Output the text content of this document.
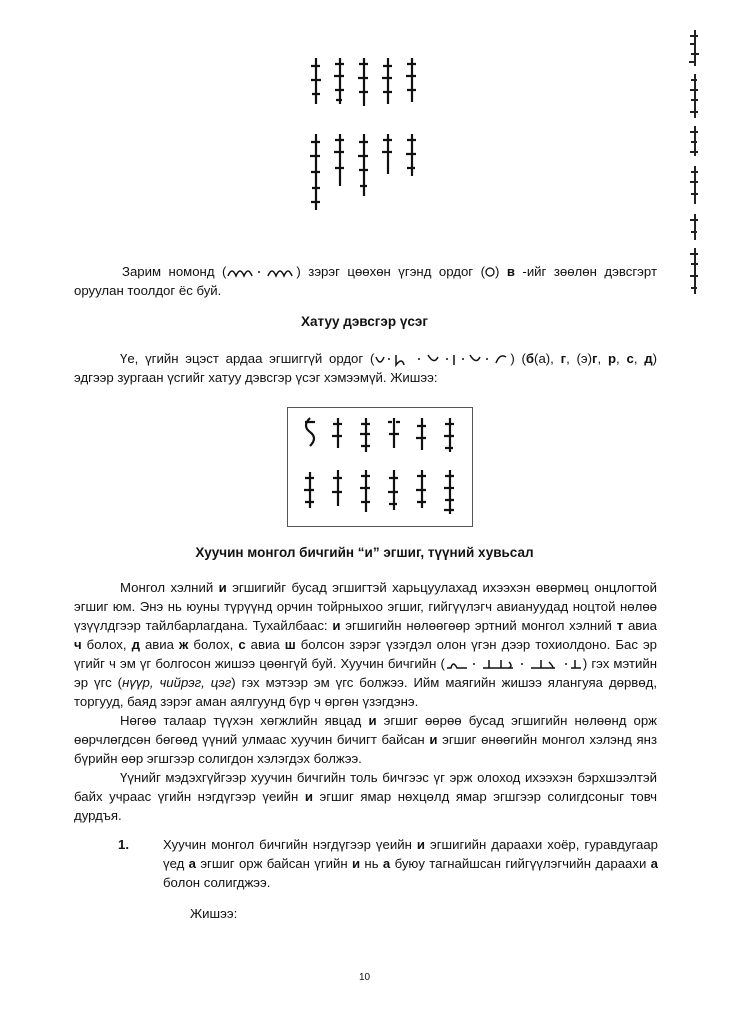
Зарим номонд (	) зэрэг цөөхөн үгэнд ордог ( ) в -ийг зөөлөн дэвсгэрт оруулан тоолдог ёс буй.

Хатуу дэвсгэр үсэг

Үе, үгийн эцэст ардаа эгшиггүй ордог (	) (б(а), г, (э)г, р, с, д) эдгээр зургаан үсгийг хатуу дэвсгэр үсэг хэмээмүй. Жишээ:

Хуучин монгол бичгийн “и” эгшиг, түүний хувьсал

Монгол хэлний и эгшигийг бусад эгшигтэй харьцуулахад ихээхэн өвөрмөц онцлогтой эгшиг юм. Энэ нь юуны түрүүнд орчин тойрныхоо эгшиг, гийгүүлэгч авиануудад ноцтой нөлөө үзүүлдгээр тайлбарлагдана. Тухайлбаас: и эгшигийн нөлөөгөөр эртний монгол хэлний т авиа ч болох, д авиа ж болох, с авиа ш болсон зэрэг үзэгдэл олон үгэн дээр тохиолдоно. Бас эр үгийг ч эм үг болгосон жишээ цөөнгүй буй. Хуучин бичгийн (	) гэх мэтийн эр үгс (нүүр, чийрэг, цэг) гэх мэтээр эм үгс болжээ. Ийм маягийн жишээ ялангуяа дөрвөд, торгууд, баяд зэрэг аман аялгуунд бүр ч өргөн үзэгдэнэ.

Нөгөө талаар түүхэн хөгжлийн явцад и эгшиг өөрөө бусад эгшигийн нөлөөнд орж өөрчлөгдсөн бөгөөд үүний улмаас хуучин бичигт байсан и эгшиг өнөөгийн монгол хэлэнд янз бүрийн өөр эгшгээр солигдон хэлэгдэх болжээ.

Үүнийг мэдэхгүйгээр хуучин бичгийн толь бичгээс үг эрж олоход ихээхэн бэрхшээлтэй байх учраас үгийн нэгдүгээр үеийн и эгшиг ямар нөхцөлд ямар эгшгээр солигдсоныг товч дурдъя.

1.	Хуучин монгол бичгийн нэгдүгээр үеийн и эгшигийн дараахи хоёр, гуравдугаар үед а эгшиг орж байсан үгийн и нь а буюу тагнайшсан гийгүүлэгчийн дараахи а болон солигджээ.
Жишээ:
10
